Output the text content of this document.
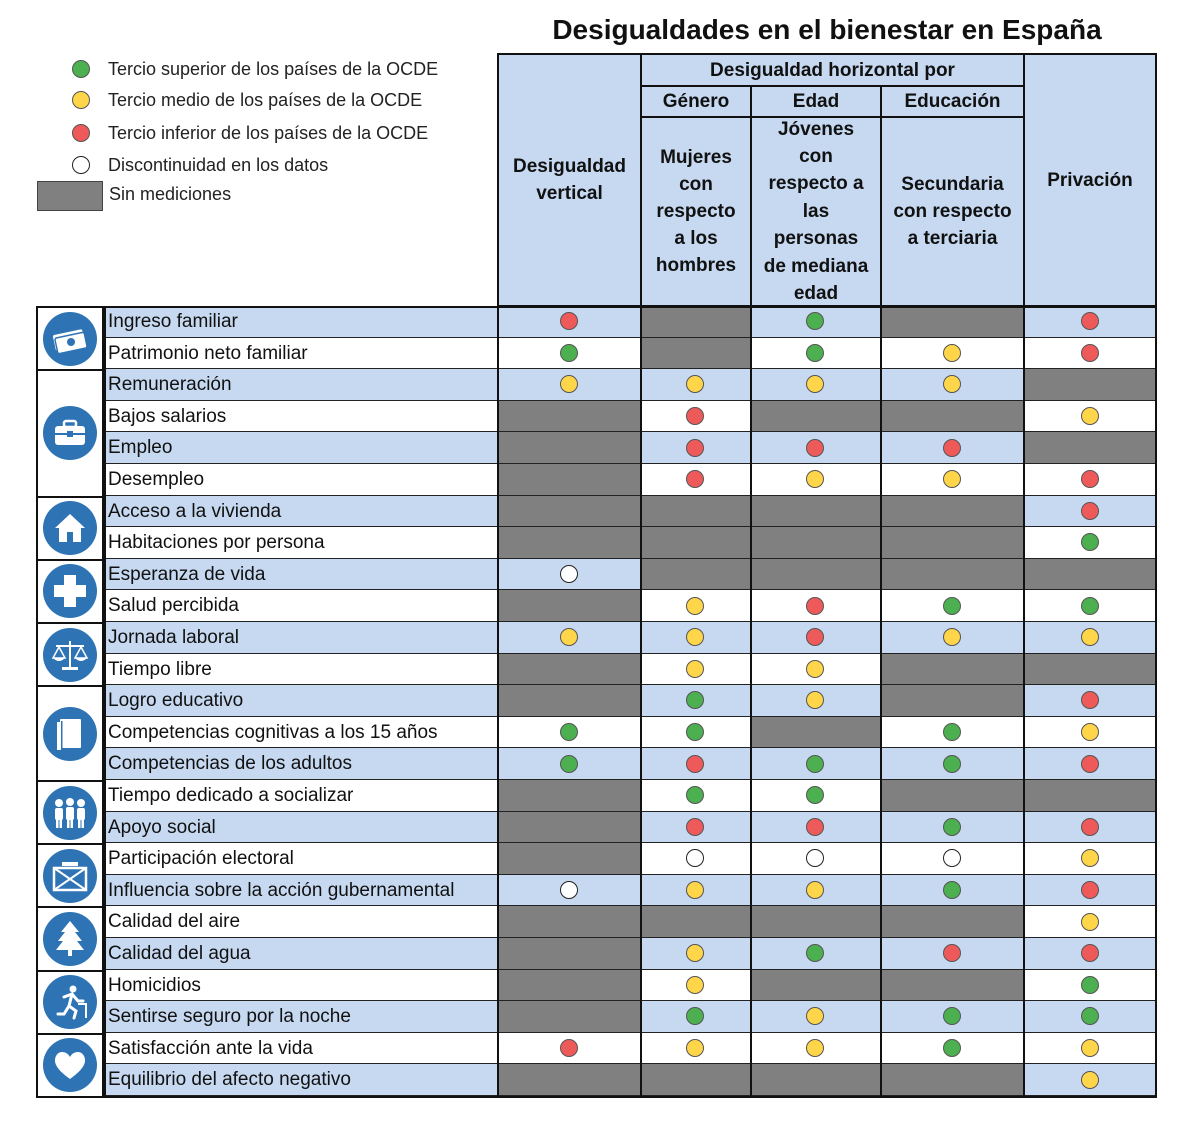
Desigualdades en el bienestar en España
Tercio superior de los países de la OCDE
Tercio medio de los países de la OCDE
Tercio inferior de los países de la OCDE
Discontinuidad en los datos
Sin mediciones
Desigualdad
vertical
Desigualdad horizontal por
Género	Edad	Educación
Mujeres
con
respecto
a los
hombres
Jóvenes
con
respecto a
las
personas
de mediana
edad
Secundaria
con respecto
a terciaria
Privación
Ingreso familiar
Patrimonio neto familiar
Remuneración
Bajos salarios
Empleo
Desempleo
Acceso a la vivienda
Habitaciones por persona
Esperanza de vida
Salud percibida
Jornada laboral
Tiempo libre
Logro educativo
Competencias cognitivas a los 15 años
Competencias de los adultos
Tiempo dedicado a socializar
Apoyo social
Participación electoral
Influencia sobre la acción gubernamental
Calidad del aire
Calidad del agua
Homicidios
Sentirse seguro por la noche
Satisfacción ante la vida
Equilibrio del afecto negativo
